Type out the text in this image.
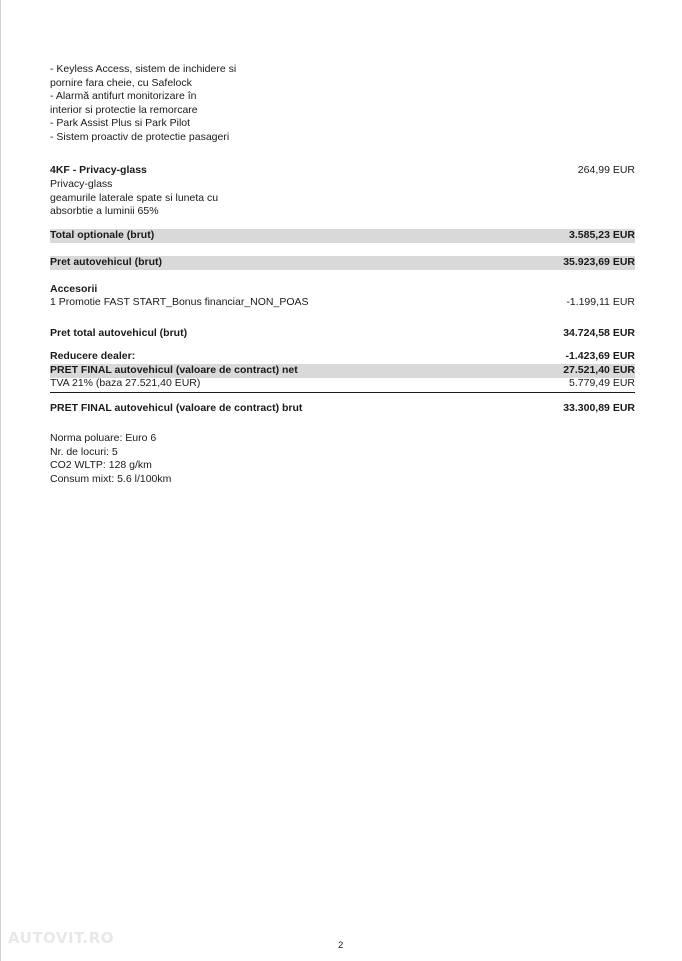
- Keyless Access, sistem de inchidere si
pornire fara cheie, cu Safelock
- Alarmă antifurt monitorizare în
interior si protectie la remorcare
- Park Assist Plus si Park Pilot
- Sistem proactiv de protectie pasageri
4KF - Privacy-glass	264,99 EUR
Privacy-glass
geamurile laterale spate si luneta cu
absorbtie a luminii 65%
Total optionale (brut)	3.585,23 EUR
Pret autovehicul (brut)	35.923,69 EUR
Accesorii
1 Promotie FAST START_Bonus financiar_NON_POAS	-1.199,11 EUR
Pret total autovehicul (brut)	34.724,58 EUR
Reducere dealer:	-1.423,69 EUR
PRET FINAL autovehicul (valoare de contract) net	27.521,40 EUR
TVA 21% (baza 27.521,40 EUR)	5.779,49 EUR
PRET FINAL autovehicul (valoare de contract) brut	33.300,89 EUR
Norma poluare: Euro 6
Nr. de locuri: 5
CO2 WLTP: 128 g/km
Consum mixt: 5.6 l/100km
AUTOVIT.RO	2
